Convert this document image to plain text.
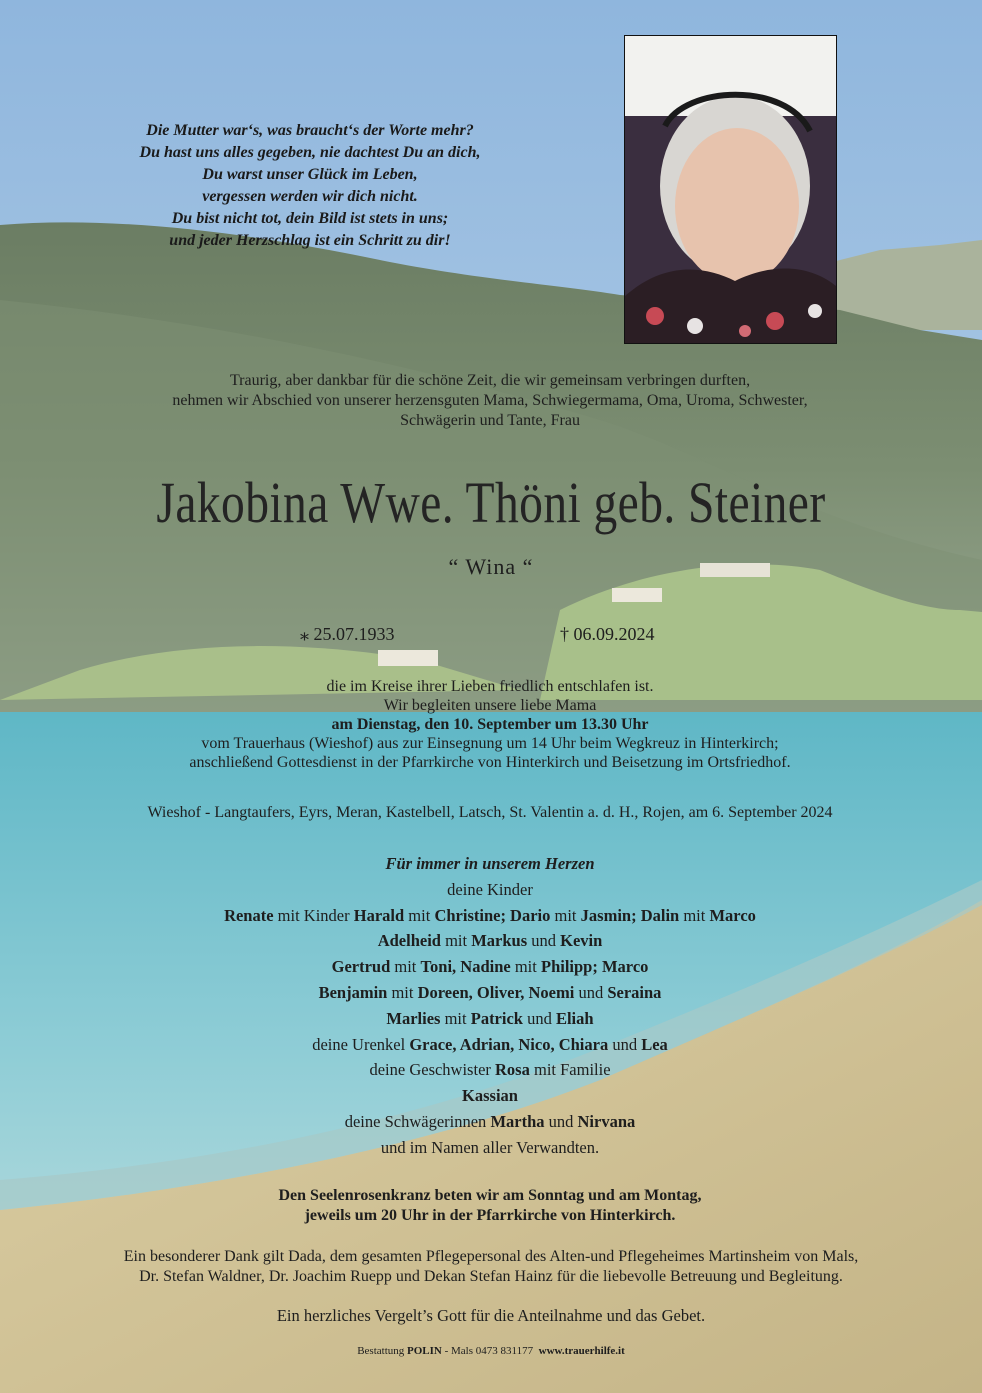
Die Mutter war‘s, was braucht‘s der Worte mehr?
Du hast uns alles gegeben, nie dachtest Du an dich,
Du warst unser Glück im Leben,
vergessen werden wir dich nicht.
Du bist nicht tot, dein Bild ist stets in uns;
und jeder Herzschlag ist ein Schritt zu dir!
Traurig, aber dankbar für die schöne Zeit, die wir gemeinsam verbringen durften,
nehmen wir Abschied von unserer herzensguten Mama, Schwiegermama, Oma, Uroma, Schwester,
Schwägerin und Tante, Frau
Jakobina Wwe. Thöni geb. Steiner
“ Wina “
⁎ 25.07.1933	† 06.09.2024
die im Kreise ihrer Lieben friedlich entschlafen ist.
Wir begleiten unsere liebe Mama
am Dienstag, den 10. September um 13.30 Uhr
vom Trauerhaus (Wieshof) aus zur Einsegnung um 14 Uhr beim Wegkreuz in Hinterkirch;
anschließend Gottesdienst in der Pfarrkirche von Hinterkirch und Beisetzung im Ortsfriedhof.
Wieshof - Langtaufers, Eyrs, Meran, Kastelbell, Latsch, St. Valentin a. d. H., Rojen, am 6. September 2024
Für immer in unserem Herzen
deine Kinder
Renate mit Kinder Harald mit Christine; Dario mit Jasmin; Dalin mit Marco
Adelheid mit Markus und Kevin
Gertrud mit Toni, Nadine mit Philipp; Marco
Benjamin mit Doreen, Oliver, Noemi und Seraina
Marlies mit Patrick und Eliah
deine Urenkel Grace, Adrian, Nico, Chiara und Lea
deine Geschwister Rosa mit Familie
Kassian
deine Schwägerinnen Martha und Nirvana
und im Namen aller Verwandten.
Den Seelenrosenkranz beten wir am Sonntag und am Montag,
jeweils um 20 Uhr in der Pfarrkirche von Hinterkirch.
Ein besonderer Dank gilt Dada, dem gesamten Pflegepersonal des Alten-und Pflegeheimes Martinsheim von Mals,
Dr. Stefan Waldner, Dr. Joachim Ruepp und Dekan Stefan Hainz für die liebevolle Betreuung und Begleitung.
Ein herzliches Vergelt’s Gott für die Anteilnahme und das Gebet.
Bestattung POLIN - Mals 0473 831177  www.trauerhilfe.it
